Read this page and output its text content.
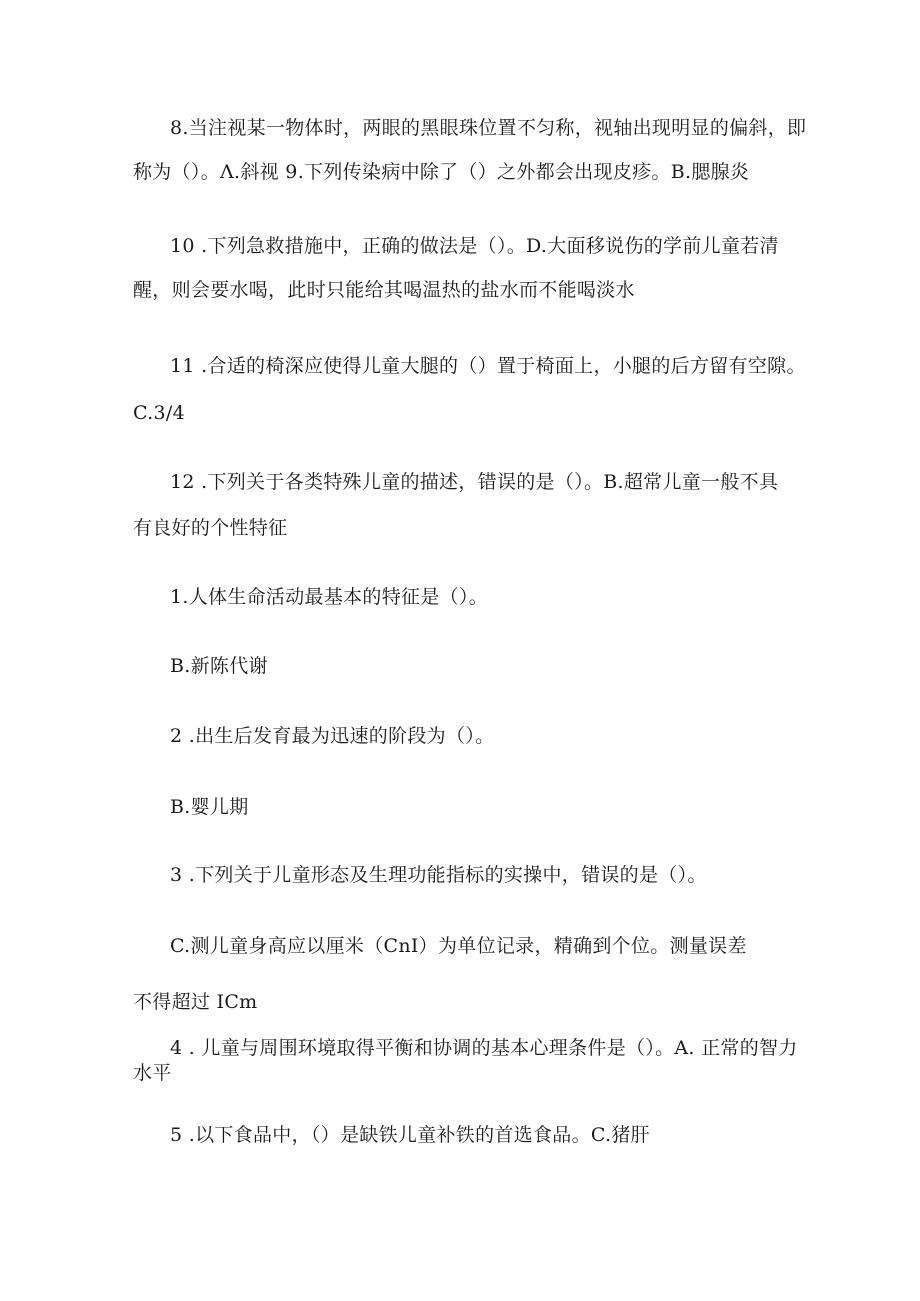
8.当注视某一物体时，两眼的黑眼珠位置不匀称，视轴出现明显的偏斜，即
称为（）。Λ.斜视 9.下列传染病中除了（）之外都会出现皮疹。B.腮腺炎
10 .下列急救措施中，正确的做法是（）。D.大面移说伤的学前儿童若清
醒，则会要水喝，此时只能给其喝温热的盐水而不能喝淡水
11 .合适的椅深应使得儿童大腿的（）置于椅面上，小腿的后方留有空隙。
C.3/4
12 .下列关于各类特殊儿童的描述，错误的是（）。B.超常儿童一般不具
有良好的个性特征
1.人体生命活动最基本的特征是（）。
B.新陈代谢
2 .出生后发育最为迅速的阶段为（）。
B.婴儿期
3 .下列关于儿童形态及生理功能指标的实操中，错误的是（）。
C.测儿童身高应以厘米（CnI）为单位记录，精确到个位。测量误差
不得超过 ICm
4 . 儿童与周围环境取得平衡和协调的基本心理条件是（）。A. 正常的智力
水平
5 .以下食品中，（）是缺铁儿童补铁的首选食品。C.猪肝
